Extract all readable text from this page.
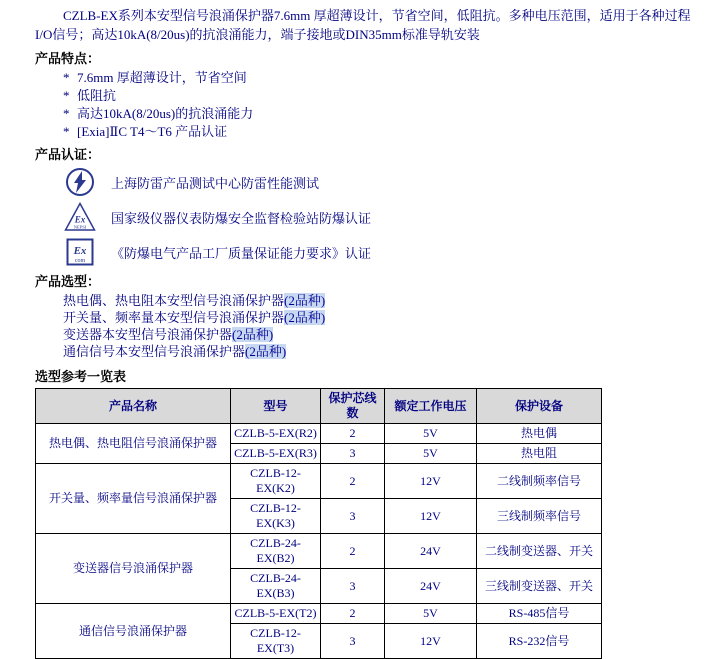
CZLB-EX系列本安型信号浪涌保护器7.6mm 厚超薄设计，节省空间，低阻抗。多种电压范围，适用于各种过程I/O信号；高达10kA(8/20us)的抗浪涌能力，端子接地或DIN35mm标准导轨安装

产品特点：
* 7.6mm 厚超薄设计，节省空间
* 低阻抗
* 高达10kA(8/20us)的抗浪涌能力
* [Exia]ⅡC T4～T6 产品认证
产品认证：
上海防雷产品测试中心防雷性能测试
Ex
NEPSI
国家级仪器仪表防爆安全监督检验站防爆认证
Ex
com
《防爆电气产品工厂质量保证能力要求》认证
产品选型：
热电偶、热电阻本安型信号浪涌保护器(2品种)
开关量、频率量本安型信号浪涌保护器(2品种)
变送器本安型信号浪涌保护器(2品种)
通信信号本安型信号浪涌保护器(2品种)
选型参考一览表
产品名称	型号	保护芯线数	额定工作电压	保护设备
热电偶、热电阻信号浪涌保护器	CZLB-5-EX(R2)	2	5V	热电偶
	CZLB-5-EX(R3)	3	5V	热电阻
开关量、频率量信号浪涌保护器	CZLB-12-EX(K2)	2	12V	二线制频率信号
	CZLB-12-EX(K3)	3	12V	三线制频率信号
变送器信号浪涌保护器	CZLB-24-EX(B2)	2	24V	二线制变送器、开关
	CZLB-24-EX(B3)	3	24V	三线制变送器、开关
通信信号浪涌保护器	CZLB-5-EX(T2)	2	5V	RS-485信号
	CZLB-12-EX(T3)	3	12V	RS-232信号
